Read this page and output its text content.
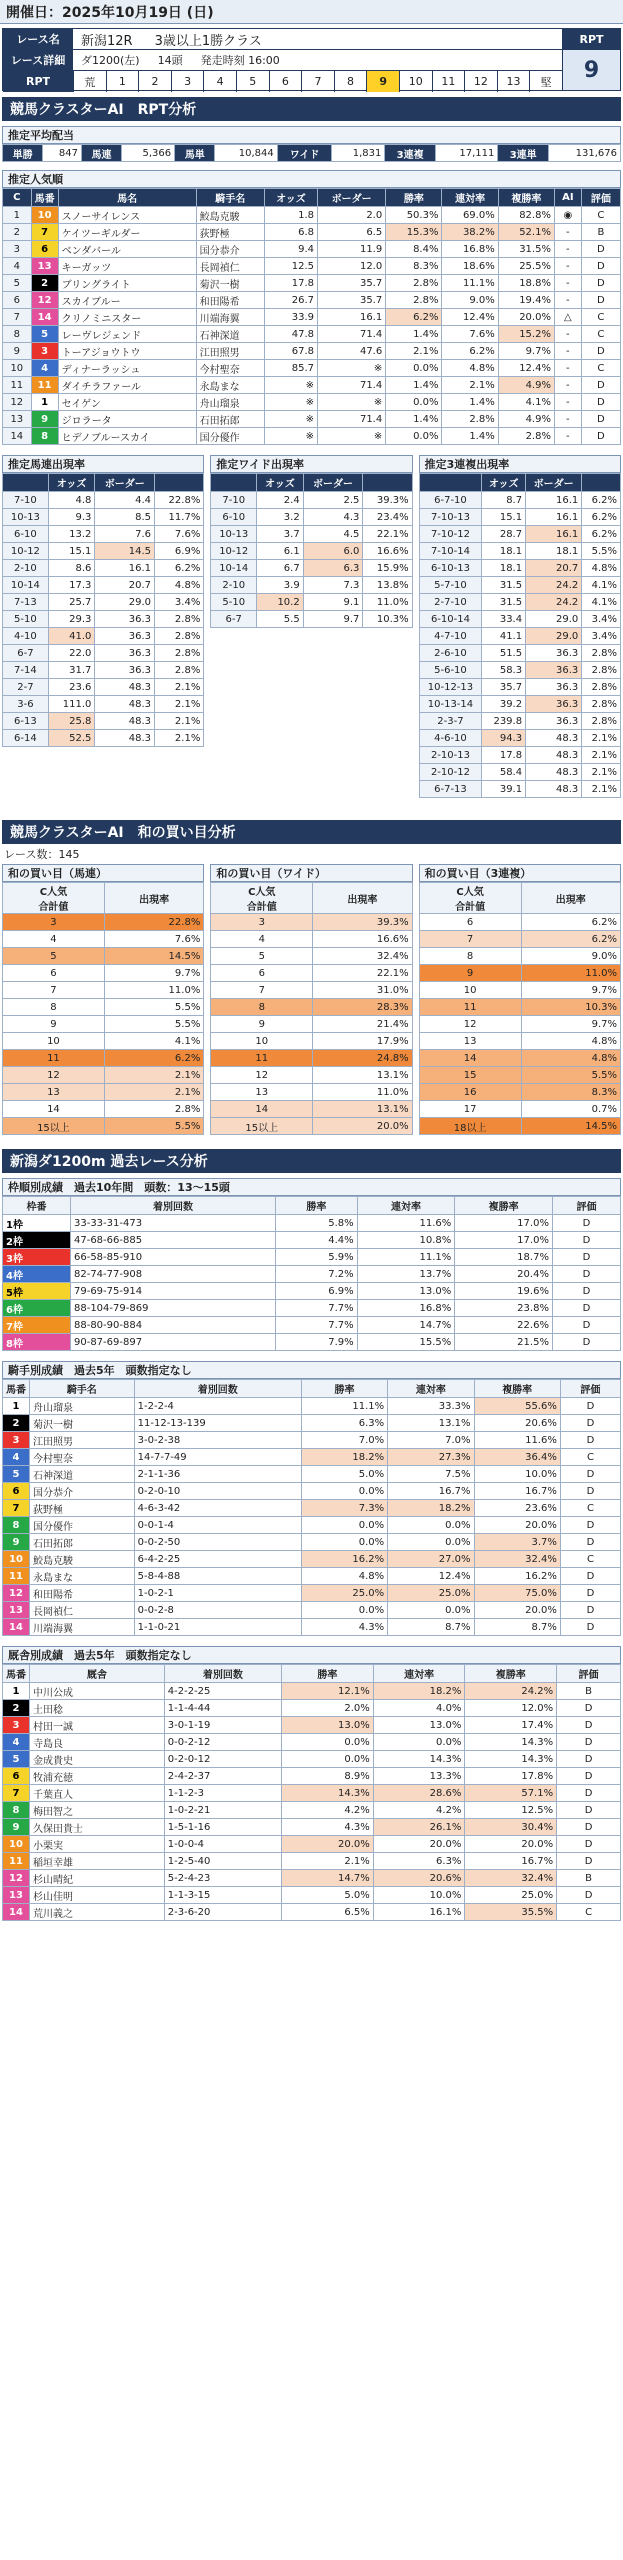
開催日：2025年10月19日 (日)
レース名	新潟12R 3歳以上1勝クラス
レース詳細	ダ1200(左) 14頭 発走時刻 16:00
RPT	荒	1	2	3	4	5	6	7	8	9	10	11	12	13	堅
RPT
9
競馬クラスターAI　RPT分析
推定平均配当
単勝	847	馬連	5,366	馬単	10,844	ワイド	1,831	3連複	17,111	3連単	131,676
推定人気順
C	馬番	馬名	騎手名	オッズ	ボーダー	勝率	連対率	複勝率	AI	評価
1	10	スノーサイレンス	鮫島克駿	1.8	2.0	50.3%	69.0%	82.8%	◉	C
2	7	ケイツーギルダー	荻野極	6.8	6.5	15.3%	38.2%	52.1%	-	B
3	6	ベンダバール	国分恭介	9.4	11.9	8.4%	16.8%	31.5%	-	D
4	13	キーガッツ	長岡禎仁	12.5	12.0	8.3%	18.6%	25.5%	-	D
5	2	ブリングライト	菊沢一樹	17.8	35.7	2.8%	11.1%	18.8%	-	D
6	12	スカイブルー	和田陽希	26.7	35.7	2.8%	9.0%	19.4%	-	D
7	14	クリノミニスター	川端海翼	33.9	16.1	6.2%	12.4%	20.0%	△	C
8	5	レーヴレジェンド	石神深道	47.8	71.4	1.4%	7.6%	15.2%	-	C
9	3	トーアジョウトウ	江田照男	67.8	47.6	2.1%	6.2%	9.7%	-	D
10	4	ディナーラッシュ	今村聖奈	85.7	※	0.0%	4.8%	12.4%	-	C
11	11	ダイチラファール	永島まな	※	71.4	1.4%	2.1%	4.9%	-	D
12	1	セイゲン	舟山瑠泉	※	※	0.0%	1.4%	4.1%	-	D
13	9	ジロラータ	石田拓郎	※	71.4	1.4%	2.8%	4.9%	-	D
14	8	ヒデノブルースカイ	国分優作	※	※	0.0%	1.4%	2.8%	-	D
推定馬連出現率
	オッズ	ボーダー	
7-10	4.8	4.4	22.8%
10-13	9.3	8.5	11.7%
6-10	13.2	7.6	7.6%
10-12	15.1	14.5	6.9%
2-10	8.6	16.1	6.2%
10-14	17.3	20.7	4.8%
7-13	25.7	29.0	3.4%
5-10	29.3	36.3	2.8%
4-10	41.0	36.3	2.8%
6-7	22.0	36.3	2.8%
7-14	31.7	36.3	2.8%
2-7	23.6	48.3	2.1%
3-6	111.0	48.3	2.1%
6-13	25.8	48.3	2.1%
6-14	52.5	48.3	2.1%
推定ワイド出現率
	オッズ	ボーダー	
7-10	2.4	2.5	39.3%
6-10	3.2	4.3	23.4%
10-13	3.7	4.5	22.1%
10-12	6.1	6.0	16.6%
10-14	6.7	6.3	15.9%
2-10	3.9	7.3	13.8%
5-10	10.2	9.1	11.0%
6-7	5.5	9.7	10.3%
推定3連複出現率
	オッズ	ボーダー	
6-7-10	8.7	16.1	6.2%
7-10-13	15.1	16.1	6.2%
7-10-12	28.7	16.1	6.2%
7-10-14	18.1	18.1	5.5%
6-10-13	18.1	20.7	4.8%
5-7-10	31.5	24.2	4.1%
2-7-10	31.5	24.2	4.1%
6-10-14	33.4	29.0	3.4%
4-7-10	41.1	29.0	3.4%
2-6-10	51.5	36.3	2.8%
5-6-10	58.3	36.3	2.8%
10-12-13	35.7	36.3	2.8%
10-13-14	39.2	36.3	2.8%
2-3-7	239.8	36.3	2.8%
4-6-10	94.3	48.3	2.1%
2-10-13	17.8	48.3	2.1%
2-10-12	58.4	48.3	2.1%
6-7-13	39.1	48.3	2.1%
競馬クラスターAI　和の買い目分析
レース数：145
和の買い目（馬連）
C人気
合計値	出現率
3	22.8%
4	7.6%
5	14.5%
6	9.7%
7	11.0%
8	5.5%
9	5.5%
10	4.1%
11	6.2%
12	2.1%
13	2.1%
14	2.8%
15以上	5.5%
和の買い目（ワイド）
C人気
合計値	出現率
3	39.3%
4	16.6%
5	32.4%
6	22.1%
7	31.0%
8	28.3%
9	21.4%
10	17.9%
11	24.8%
12	13.1%
13	11.0%
14	13.1%
15以上	20.0%
和の買い目（3連複）
C人気
合計値	出現率
6	6.2%
7	6.2%
8	9.0%
9	11.0%
10	9.7%
11	10.3%
12	9.7%
13	4.8%
14	4.8%
15	5.5%
16	8.3%
17	0.7%
18以上	14.5%
新潟ダ1200m 過去レース分析
枠順別成績　過去10年間　頭数：13〜15頭
枠番	着別回数	勝率	連対率	複勝率	評価
1枠	33-33-31-473	5.8%	11.6%	17.0%	D
2枠	47-68-66-885	4.4%	10.8%	17.0%	D
3枠	66-58-85-910	5.9%	11.1%	18.7%	D
4枠	82-74-77-908	7.2%	13.7%	20.4%	D
5枠	79-69-75-914	6.9%	13.0%	19.6%	D
6枠	88-104-79-869	7.7%	16.8%	23.8%	D
7枠	88-80-90-884	7.7%	14.7%	22.6%	D
8枠	90-87-69-897	7.9%	15.5%	21.5%	D
騎手別成績　過去5年　頭数指定なし
馬番	騎手名	着別回数	勝率	連対率	複勝率	評価
1	舟山瑠泉	1-2-2-4	11.1%	33.3%	55.6%	D
2	菊沢一樹	11-12-13-139	6.3%	13.1%	20.6%	D
3	江田照男	3-0-2-38	7.0%	7.0%	11.6%	D
4	今村聖奈	14-7-7-49	18.2%	27.3%	36.4%	C
5	石神深道	2-1-1-36	5.0%	7.5%	10.0%	D
6	国分恭介	0-2-0-10	0.0%	16.7%	16.7%	D
7	荻野極	4-6-3-42	7.3%	18.2%	23.6%	C
8	国分優作	0-0-1-4	0.0%	0.0%	20.0%	D
9	石田拓郎	0-0-2-50	0.0%	0.0%	3.7%	D
10	鮫島克駿	6-4-2-25	16.2%	27.0%	32.4%	C
11	永島まな	5-8-4-88	4.8%	12.4%	16.2%	D
12	和田陽希	1-0-2-1	25.0%	25.0%	75.0%	D
13	長岡禎仁	0-0-2-8	0.0%	0.0%	20.0%	D
14	川端海翼	1-1-0-21	4.3%	8.7%	8.7%	D
厩舎別成績　過去5年　頭数指定なし
馬番	厩舎	着別回数	勝率	連対率	複勝率	評価
1	中川公成	4-2-2-25	12.1%	18.2%	24.2%	B
2	土田稔	1-1-4-44	2.0%	4.0%	12.0%	D
3	村田一誠	3-0-1-19	13.0%	13.0%	17.4%	D
4	寺島良	0-0-2-12	0.0%	0.0%	14.3%	D
5	金成貴史	0-2-0-12	0.0%	14.3%	14.3%	D
6	牧浦充徳	2-4-2-37	8.9%	13.3%	17.8%	D
7	千葉直人	1-1-2-3	14.3%	28.6%	57.1%	D
8	梅田智之	1-0-2-21	4.2%	4.2%	12.5%	D
9	久保田貴士	1-5-1-16	4.3%	26.1%	30.4%	D
10	小栗実	1-0-0-4	20.0%	20.0%	20.0%	D
11	稲垣幸雄	1-2-5-40	2.1%	6.3%	16.7%	D
12	杉山晴紀	5-2-4-23	14.7%	20.6%	32.4%	B
13	杉山佳明	1-1-3-15	5.0%	10.0%	25.0%	D
14	荒川義之	2-3-6-20	6.5%	16.1%	35.5%	C
